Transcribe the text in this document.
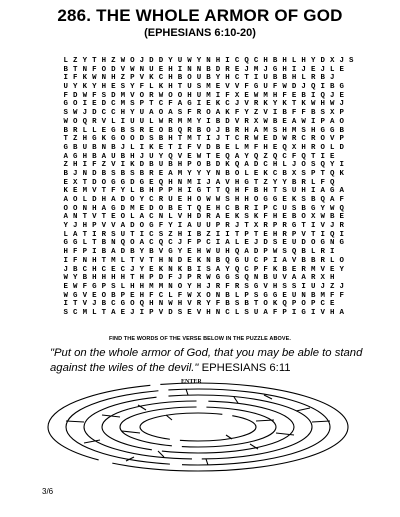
286. THE WHOLE ARMOR OF GOD
(EPHESIANS 6:10-20)
L Z Y T H Z W O J D D Y U W Y N H I C Q C H B H L H Y D X J S
B T N F O D V W N U E H I N N B D R E J M J G H I J E J L E
I F K W N H Z P V K C H B O U B Y H C T I U B B H L R B J
U Y K Y H E S Y F L K H T U S M E V V F G U F W D J Q I B G
F D W F S D M V O R W O O H U M I F X E W M H F E B I Q J E
G O I E D C M S P T C F A G I E K C J V R K Y K T K W H W J
S W J D C C H Y U A O A S F R O A K F Y Z V I B F F B S X P
W O Q R V L I U U L W R M M Y I B D V R X W B E A W I P A O
B R L L E G B S R E O B Q R B O J B R H A M S H M S H G G B
T Z H G K G O O D S B H T M T I J T C R W E D W R C R O V P
G B U B N B J L I K E T I F V D B E L M F H E Q X H R O L D
A G H B A U B H J U Y Q V E W T E Q A Y Q Z Q C F Q T I E
Z H I F Z V I K D B U B H P O B D K Q A D C H L J O S Q Y I
B J N D B S B S B R E A M Y Y Y N B O L E K C B X S P T Q K
E X T D O G G D G E Q H N M I J A V H G T Z Y Y B R L F Q
K E M V T F Y L B H P P H I G T T Q H F B H T S U H I A G A
A O L D H A D O Y C R U E H O W W S H H O G G E K S B Q A F
O O N H A G D M E D O B E T Q E H C B R I P C U S B G Y W Q
A N T V T E O L A C N L V H D R A E K S K F H E B O X W B E
Y J H P V V A D O G F Y I A U U P R J T X R P R G T I V J R
L A T I R S U T I C S Z H I B Z I I T P T E H R P V T I Q I
G G L T B N Q O A C Q C J F P C I A L E J D S E U D O G N G
H F P I B A D B Y B V G Y E H W U H Q A D P W S Q B L R I
I F N H T M L T V T H N D E K N B Q G U C P I A V B B R L O
J B C H C E C J Y E K N K B I S A Y Q C P F K B E R M V E Y
W Y B H H H H T H P D F J P R W G G S Q N B U V A A R X H
E W F G P S L H H M M N O Y H J R F R S G V H S S I U J Z J
W G V E O B P E H F C L F W X O N B L P S G G E U N B M F F
I T V J B C G O Q H N W H V R Y F B S B T O K Q P O P C E
S C M L T A E J I P V D S E V H N C L S U A F P I G I V H A
FIND THE WORDS OF THE VERSE BELOW IN THE PUZZLE ABOVE.
"Put on the whole armor of God, that you may be able to stand against the wiles of the devil." EPHESIANS 6:11
ENTER
3/6
